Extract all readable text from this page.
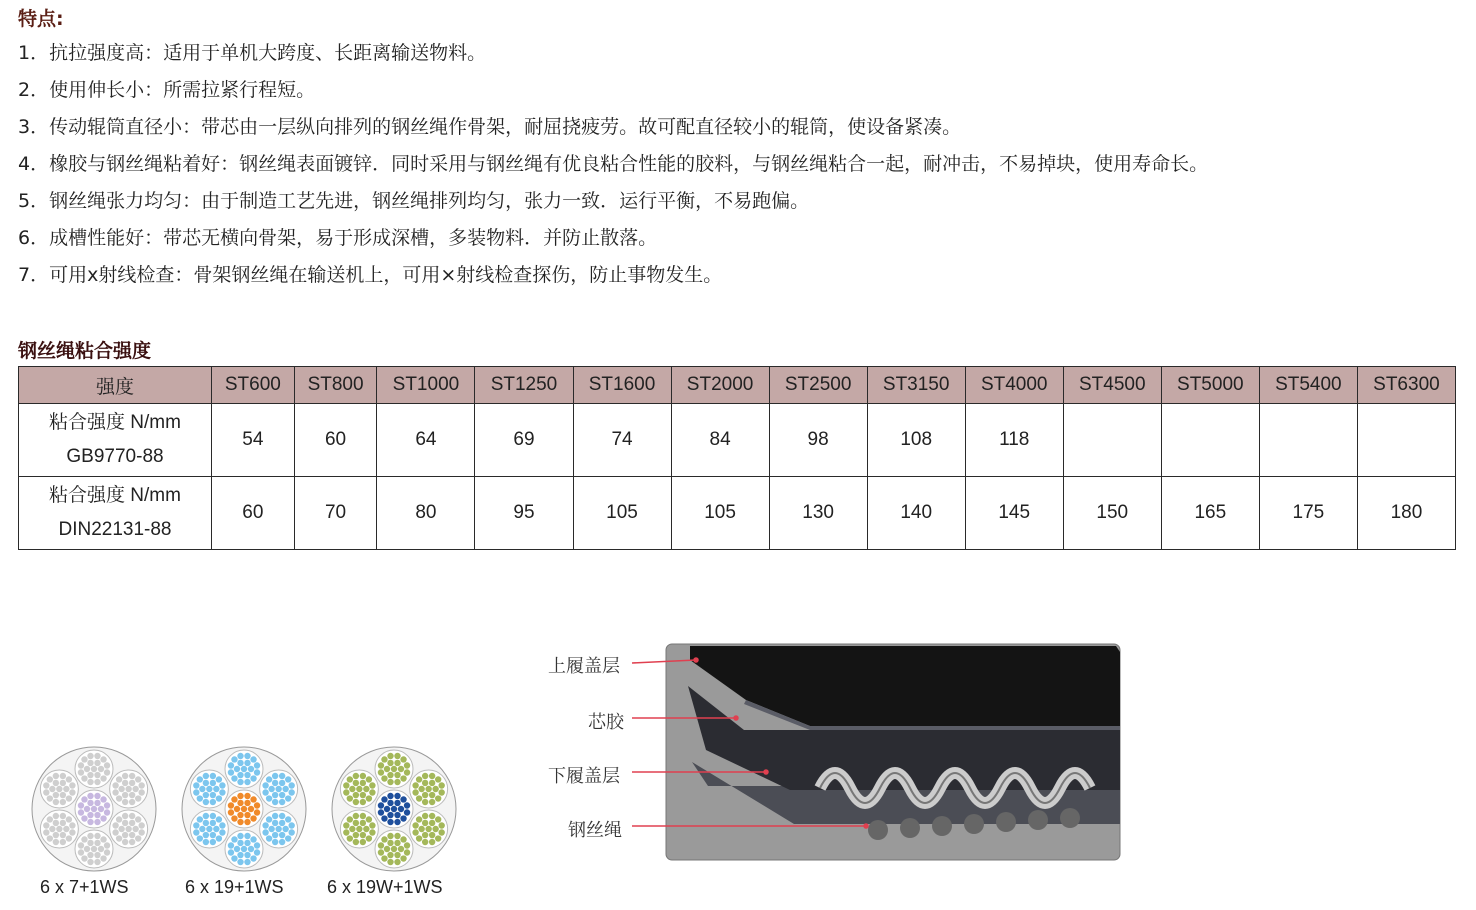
特点:
1．抗拉强度高：适用于单机大跨度、长距离输送物料。
2．使用伸长小：所需拉紧行程短。
3．传动辊筒直径小：带芯由一层纵向排列的钢丝绳作骨架，耐屈挠疲劳。故可配直径较小的辊筒，使设备紧凑。
4．橡胶与钢丝绳粘着好：钢丝绳表面镀锌．同时采用与钢丝绳有优良粘合性能的胶料，与钢丝绳粘合一起，耐冲击，不易掉块，使用寿命长。
5．钢丝绳张力均匀：由于制造工艺先进，钢丝绳排列均匀，张力一致．运行平衡，不易跑偏。
6．成槽性能好：带芯无横向骨架，易于形成深槽，多装物料．并防止散落。
7．可用x射线检查：骨架钢丝绳在输送机上，可用×射线检查探伤，防止事物发生。
钢丝绳粘合强度
强度	ST600	ST800	ST1000	ST1250	ST1600	ST2000	ST2500	ST3150	ST4000	ST4500	ST5000	ST5400	ST6300
粘合强度 N/mm
GB9770-88	54	60	64	69	74	84	98	108	118				
粘合强度 N/mm
DIN22131-88	60	70	80	95	105	105	130	140	145	150	165	175	180
6 x 7+1WS	6 x 19+1WS 6 x 19W+1WS
上履盖层
芯胶
下履盖层
钢丝绳
